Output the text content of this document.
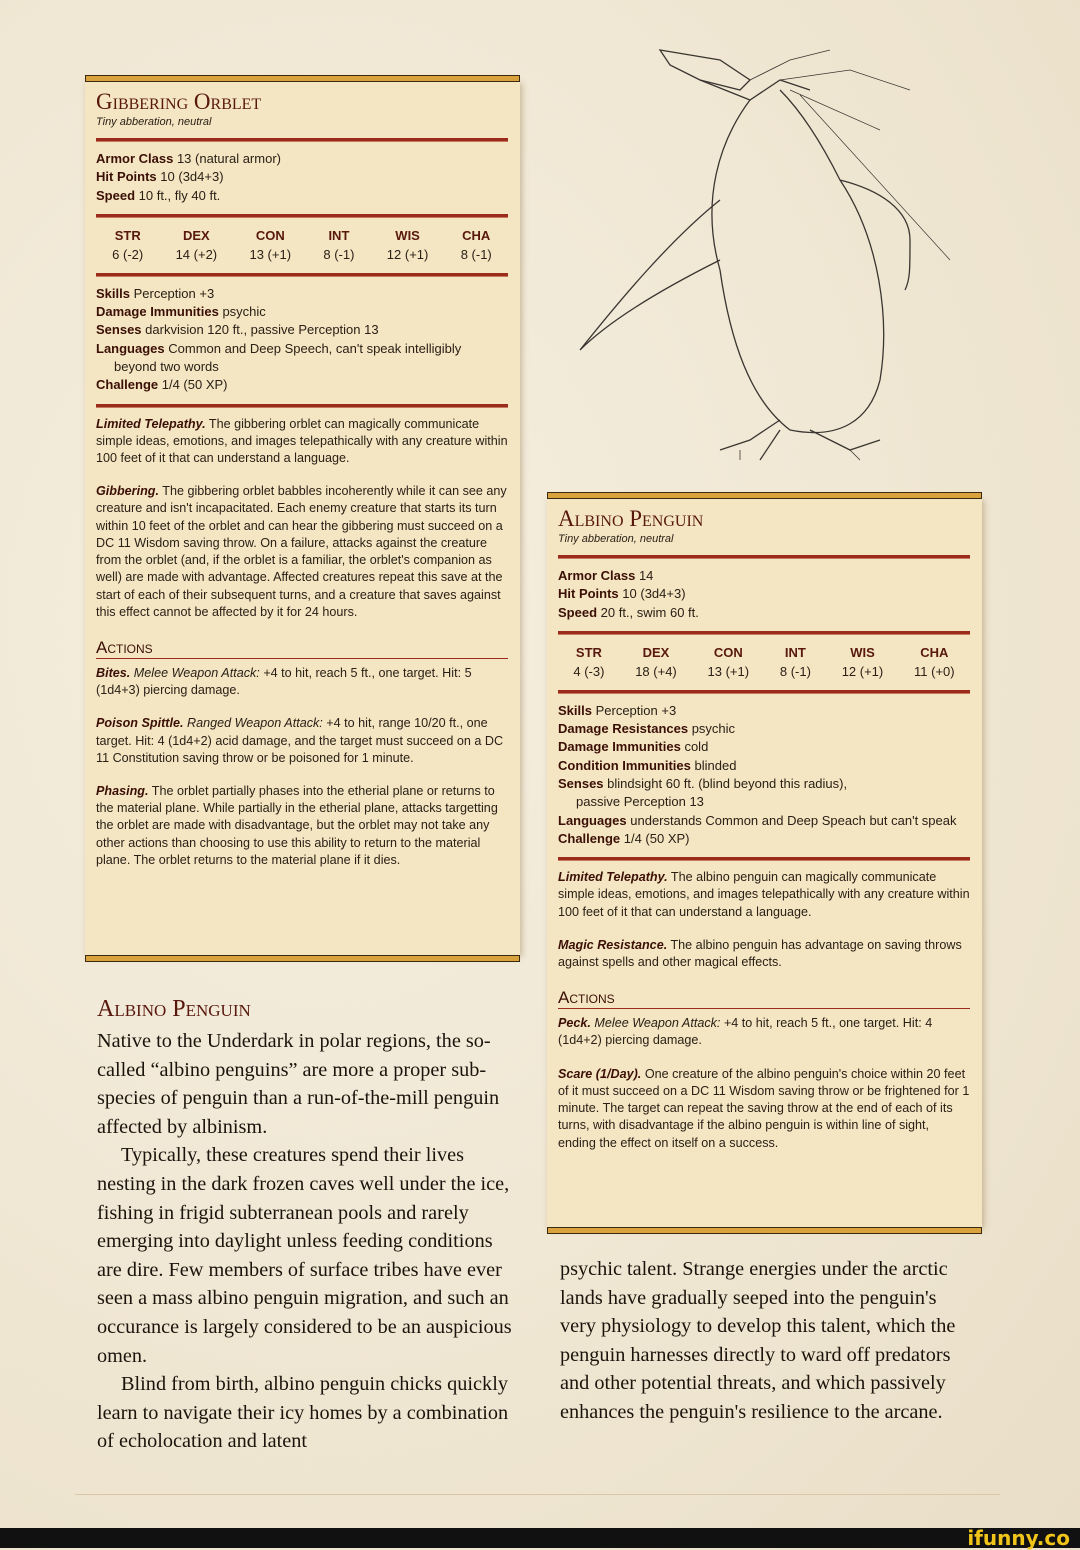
Gibbering Orblet
Tiny abberation, neutral
Armor Class 13 (natural armor)
Hit Points 10 (3d4+3)
Speed 10 ft., fly 40 ft.
STR
6 (-2)
DEX
14 (+2)
CON
13 (+1)
INT
8 (-1)
WIS
12 (+1)
CHA
8 (-1)
Skills Perception +3
Damage Immunities psychic
Senses darkvision 120 ft., passive Perception 13
Languages Common and Deep Speech, can't speak intelligibly
beyond two words
Challenge 1/4 (50 XP)

Limited Telepathy. The gibbering orblet can magically communicate simple ideas, emotions, and images telepathically with any creature within 100 feet of it that can understand a language.

Gibbering. The gibbering orblet babbles incoherently while it can see any creature and isn't incapacitated. Each enemy creature that starts its turn within 10 feet of the orblet and can hear the gibbering must succeed on a DC 11 Wisdom saving throw. On a failure, attacks against the creature from the orblet (and, if the orblet is a familiar, the orblet's companion as well) are made with advantage. Affected creatures repeat this save at the start of each of their subsequent turns, and a creature that saves against this effect cannot be affected by it for 24 hours.

Actions

Bites. Melee Weapon Attack: +4 to hit, reach 5 ft., one target. Hit: 5 (1d4+3) piercing damage.

Poison Spittle. Ranged Weapon Attack: +4 to hit, range 10/20 ft., one target. Hit: 4 (1d4+2) acid damage, and the target must succeed on a DC 11 Constitution saving throw or be poisoned for 1 minute.

Phasing. The orblet partially phases into the etherial plane or returns to the material plane. While partially in the etherial plane, attacks targetting the orblet are made with disadvantage, but the orblet may not take any other actions than choosing to use this ability to return to the material plane. The orblet returns to the material plane if it dies.

Albino Penguin
Tiny abberation, neutral
Armor Class 14
Hit Points 10 (3d4+3)
Speed 20 ft., swim 60 ft.
STR
4 (-3)
DEX
18 (+4)
CON
13 (+1)
INT
8 (-1)
WIS
12 (+1)
CHA
11 (+0)
Skills Perception +3
Damage Resistances psychic
Damage Immunities cold
Condition Immunities blinded
Senses blindsight 60 ft. (blind beyond this radius),
passive Perception 13
Languages understands Common and Deep Speach but can't speak
Challenge 1/4 (50 XP)

Limited Telepathy. The albino penguin can magically communicate simple ideas, emotions, and images telepathically with any creature within 100 feet of it that can understand a language.

Magic Resistance. The albino penguin has advantage on saving throws against spells and other magical effects.

Actions

Peck. Melee Weapon Attack: +4 to hit, reach 5 ft., one target. Hit: 4 (1d4+2) piercing damage.

Scare (1/Day). One creature of the albino penguin's choice within 20 feet of it must succeed on a DC 11 Wisdom saving throw or be frightened for 1 minute. The target can repeat the saving throw at the end of each of its turns, with disadvantage if the albino penguin is within line of sight, ending the effect on itself on a success.

Albino Penguin

Native to the Underdark in polar regions, the so-called “albino penguins” are more a proper sub-species of penguin than a run-of-the-mill penguin affected by albinism.

Typically, these creatures spend their lives nesting in the dark frozen caves well under the ice, fishing in frigid subterranean pools and rarely emerging into daylight unless feeding conditions are dire. Few members of surface tribes have ever seen a mass albino penguin migration, and such an occurance is largely considered to be an auspicious omen.

Blind from birth, albino penguin chicks quickly learn to navigate their icy homes by a combination of echolocation and latent

psychic talent. Strange energies under the arctic lands have gradually seeped into the penguin's very physiology to develop this talent, which the penguin harnesses directly to ward off predators and other potential threats, and which passively enhances the penguin's resilience to the arcane.

ifunny.co
